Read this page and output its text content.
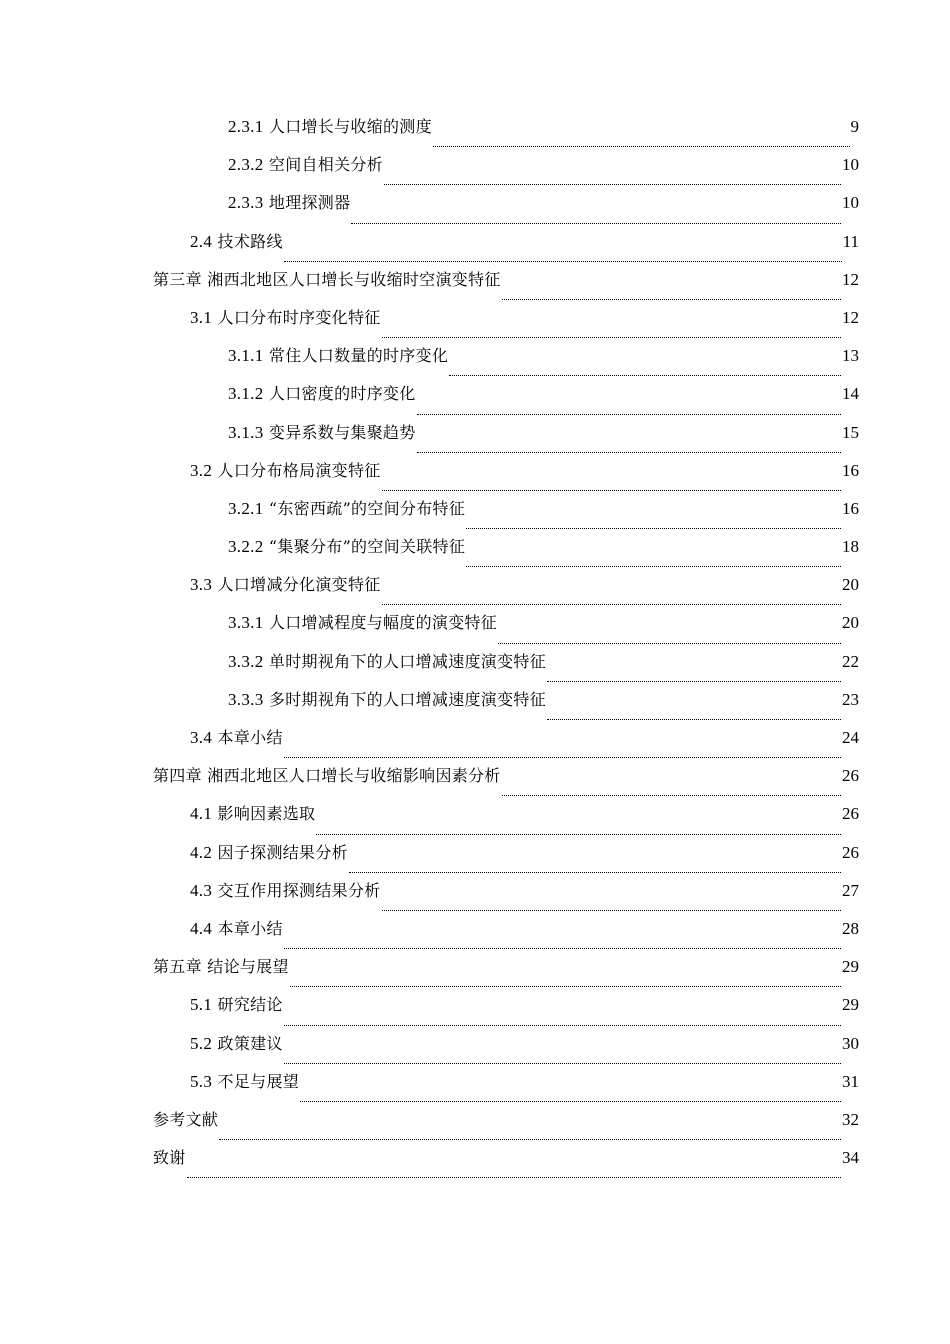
2.3.1 人口增长与收缩的测度	9
2.3.2 空间自相关分析	10
2.3.3 地理探测器	10
2.4 技术路线	11
第三章 湘西北地区人口增长与收缩时空演变特征	12
3.1 人口分布时序变化特征	12
3.1.1 常住人口数量的时序变化	13
3.1.2 人口密度的时序变化	14
3.1.3 变异系数与集聚趋势	15
3.2 人口分布格局演变特征	16
3.2.1 “东密西疏”的空间分布特征	16
3.2.2 “集聚分布”的空间关联特征	18
3.3 人口增减分化演变特征	20
3.3.1 人口增减程度与幅度的演变特征	20
3.3.2 单时期视角下的人口增减速度演变特征	22
3.3.3 多时期视角下的人口增减速度演变特征	23
3.4 本章小结	24
第四章 湘西北地区人口增长与收缩影响因素分析	26
4.1 影响因素选取	26
4.2 因子探测结果分析	26
4.3 交互作用探测结果分析	27
4.4 本章小结	28
第五章 结论与展望	29
5.1 研究结论	29
5.2 政策建议	30
5.3 不足与展望	31
参考文献	32
致谢	34
